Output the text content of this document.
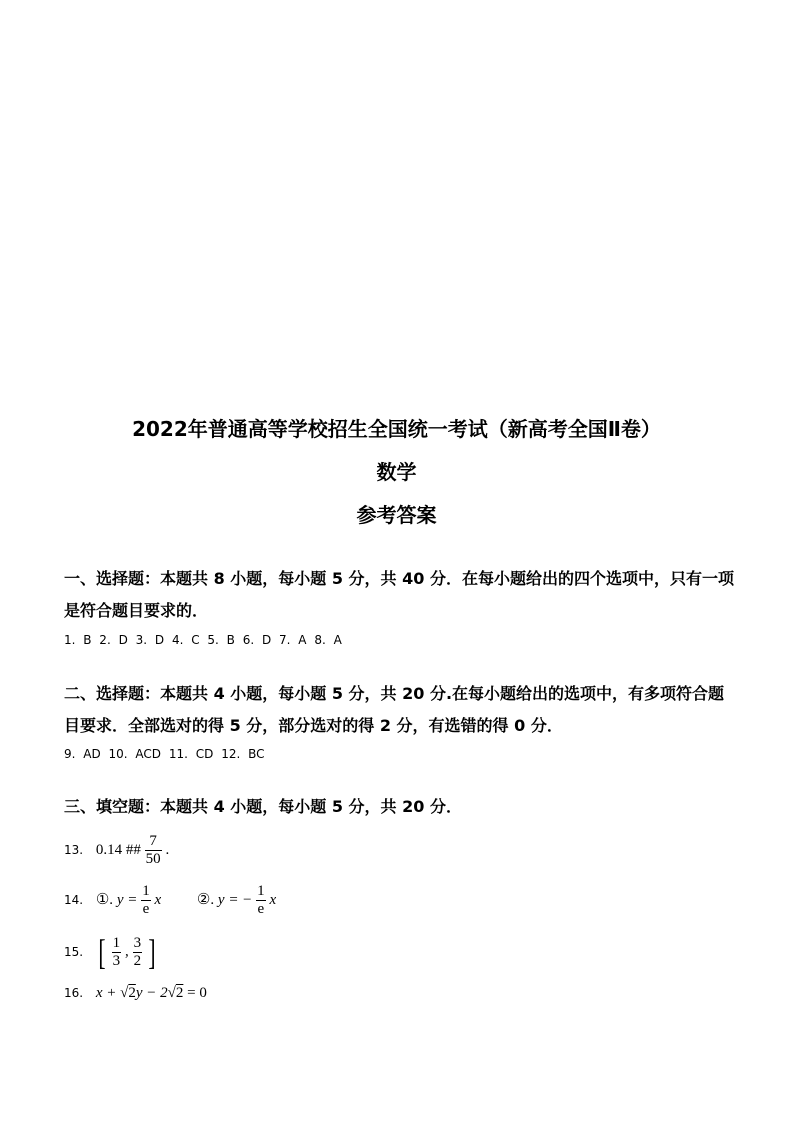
2022年普通高等学校招生全国统一考试（新高考全国Ⅱ卷）
数学
参考答案
一、选择题：本题共 8 小题，每小题 5 分，共 40 分．在每小题给出的四个选项中，只有一项是符合题目要求的．
1. B 2. D 3. D 4. C 5. B 6. D 7. A 8. A
二、选择题：本题共 4 小题，每小题 5 分，共 20 分.在每小题给出的选项中，有多项符合题目要求．全部选对的得 5 分，部分选对的得 2 分，有选错的得 0 分．
9. AD 10. ACD 11. CD 12. BC
三、填空题：本题共 4 小题，每小题 5 分，共 20 分．
13. 0.14 ## $\frac{7}{50}$ .
14. ①. $y = \frac{1}{e}$ x ②. y = − $\frac{1}{e}$ x
15. [ $\frac{1}{3}$ , $\frac{3}{2}$ ]
16. x + √2y − 2√2 = 0
